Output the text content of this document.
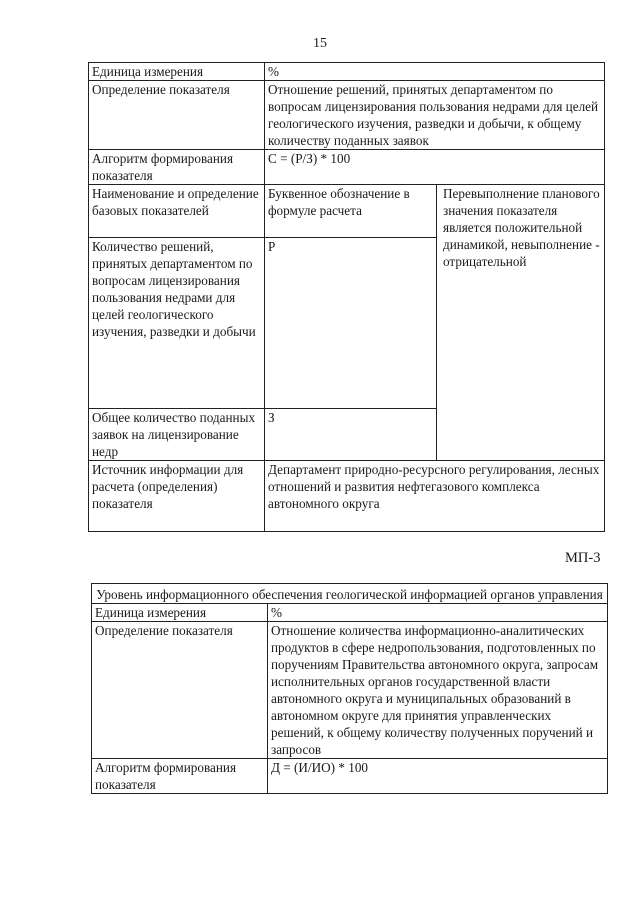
15
Единица измерения	%	
Определение показателя	Отношение решений, принятых департаментом по вопросам лицензирования пользования недрами для целей геологического изучения, разведки и добычи, к общему количеству поданных заявок	
Алгоритм формирования показателя	С = (Р/З) * 100	
Наименование и определение базовых показателей	Буквенное обозначение в формуле расчета	Перевыполнение планового значения показателя является положительной динамикой, невыполнение - отрицательной
Количество решений, принятых департаментом по вопросам лицензирования пользования недрами для целей геологического изучения, разведки и добычи	Р	
Общее количество поданных заявок на лицензирование недр	З	
Источник информации для расчета (определения) показателя	Департамент природно-ресурсного регулирования, лесных отношений и развития нефтегазового комплекса автономного округа	
МП-3
Уровень информационного обеспечения геологической информацией органов управления	
Единица измерения	%
Определение показателя	Отношение количества информационно-аналитических продуктов в сфере недропользования, подготовленных по поручениям Правительства автономного округа, запросам исполнительных органов государственной власти автономного округа и муниципальных образований в автономном округе для принятия управленческих решений, к общему количеству полученных поручений и запросов
Алгоритм формирования показателя	Д = (И/ИО) * 100
